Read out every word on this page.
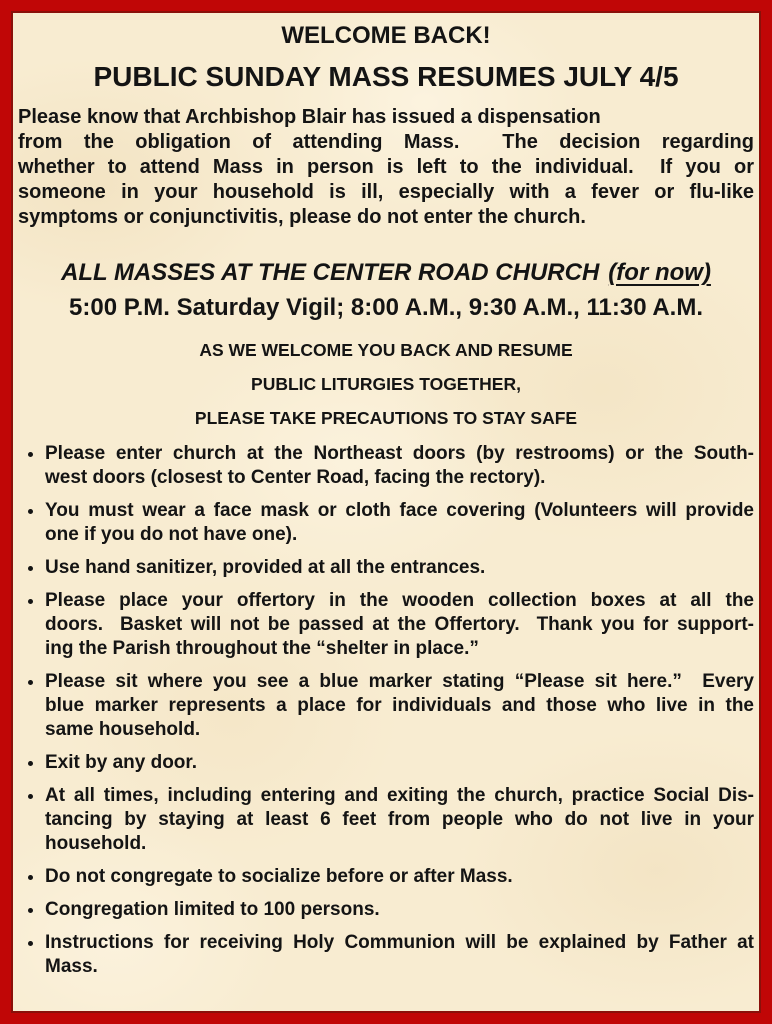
WELCOME BACK!
PUBLIC SUNDAY MASS RESUMES JULY 4/5
Please know that Archbishop Blair has issued a dispensation
from the obligation of attending Mass.  The decision regarding
whether to attend Mass in person is left to the individual.  If you or
someone in your household is ill, especially with a fever or flu-like
symptoms or conjunctivitis, please do not enter the church.
ALL MASSES AT THE CENTER ROAD CHURCH (for now)
5:00 P.M. Saturday Vigil; 8:00 A.M., 9:30 A.M., 11:30 A.M.
AS WE WELCOME YOU BACK AND RESUME
PUBLIC LITURGIES TOGETHER,
PLEASE TAKE PRECAUTIONS TO STAY SAFE
Please enter church at the Northeast doors (by restrooms) or the South-
west doors (closest to Center Road, facing the rectory).
You must wear a face mask or cloth face covering (Volunteers will provide
one if you do not have one).
Use hand sanitizer, provided at all the entrances.
Please place your offertory in the wooden collection boxes at all the
doors.  Basket will not be passed at the Offertory.  Thank you for support-
ing the Parish throughout the “shelter in place.”
Please sit where you see a blue marker stating “Please sit here.”  Every
blue marker represents a place for individuals and those who live in the
same household.
Exit by any door.
At all times, including entering and exiting the church, practice Social Dis-
tancing by staying at least 6 feet from people who do not live in your
household.
Do not congregate to socialize before or after Mass.
Congregation limited to 100 persons.
Instructions for receiving Holy Communion will be explained by Father at
Mass.
